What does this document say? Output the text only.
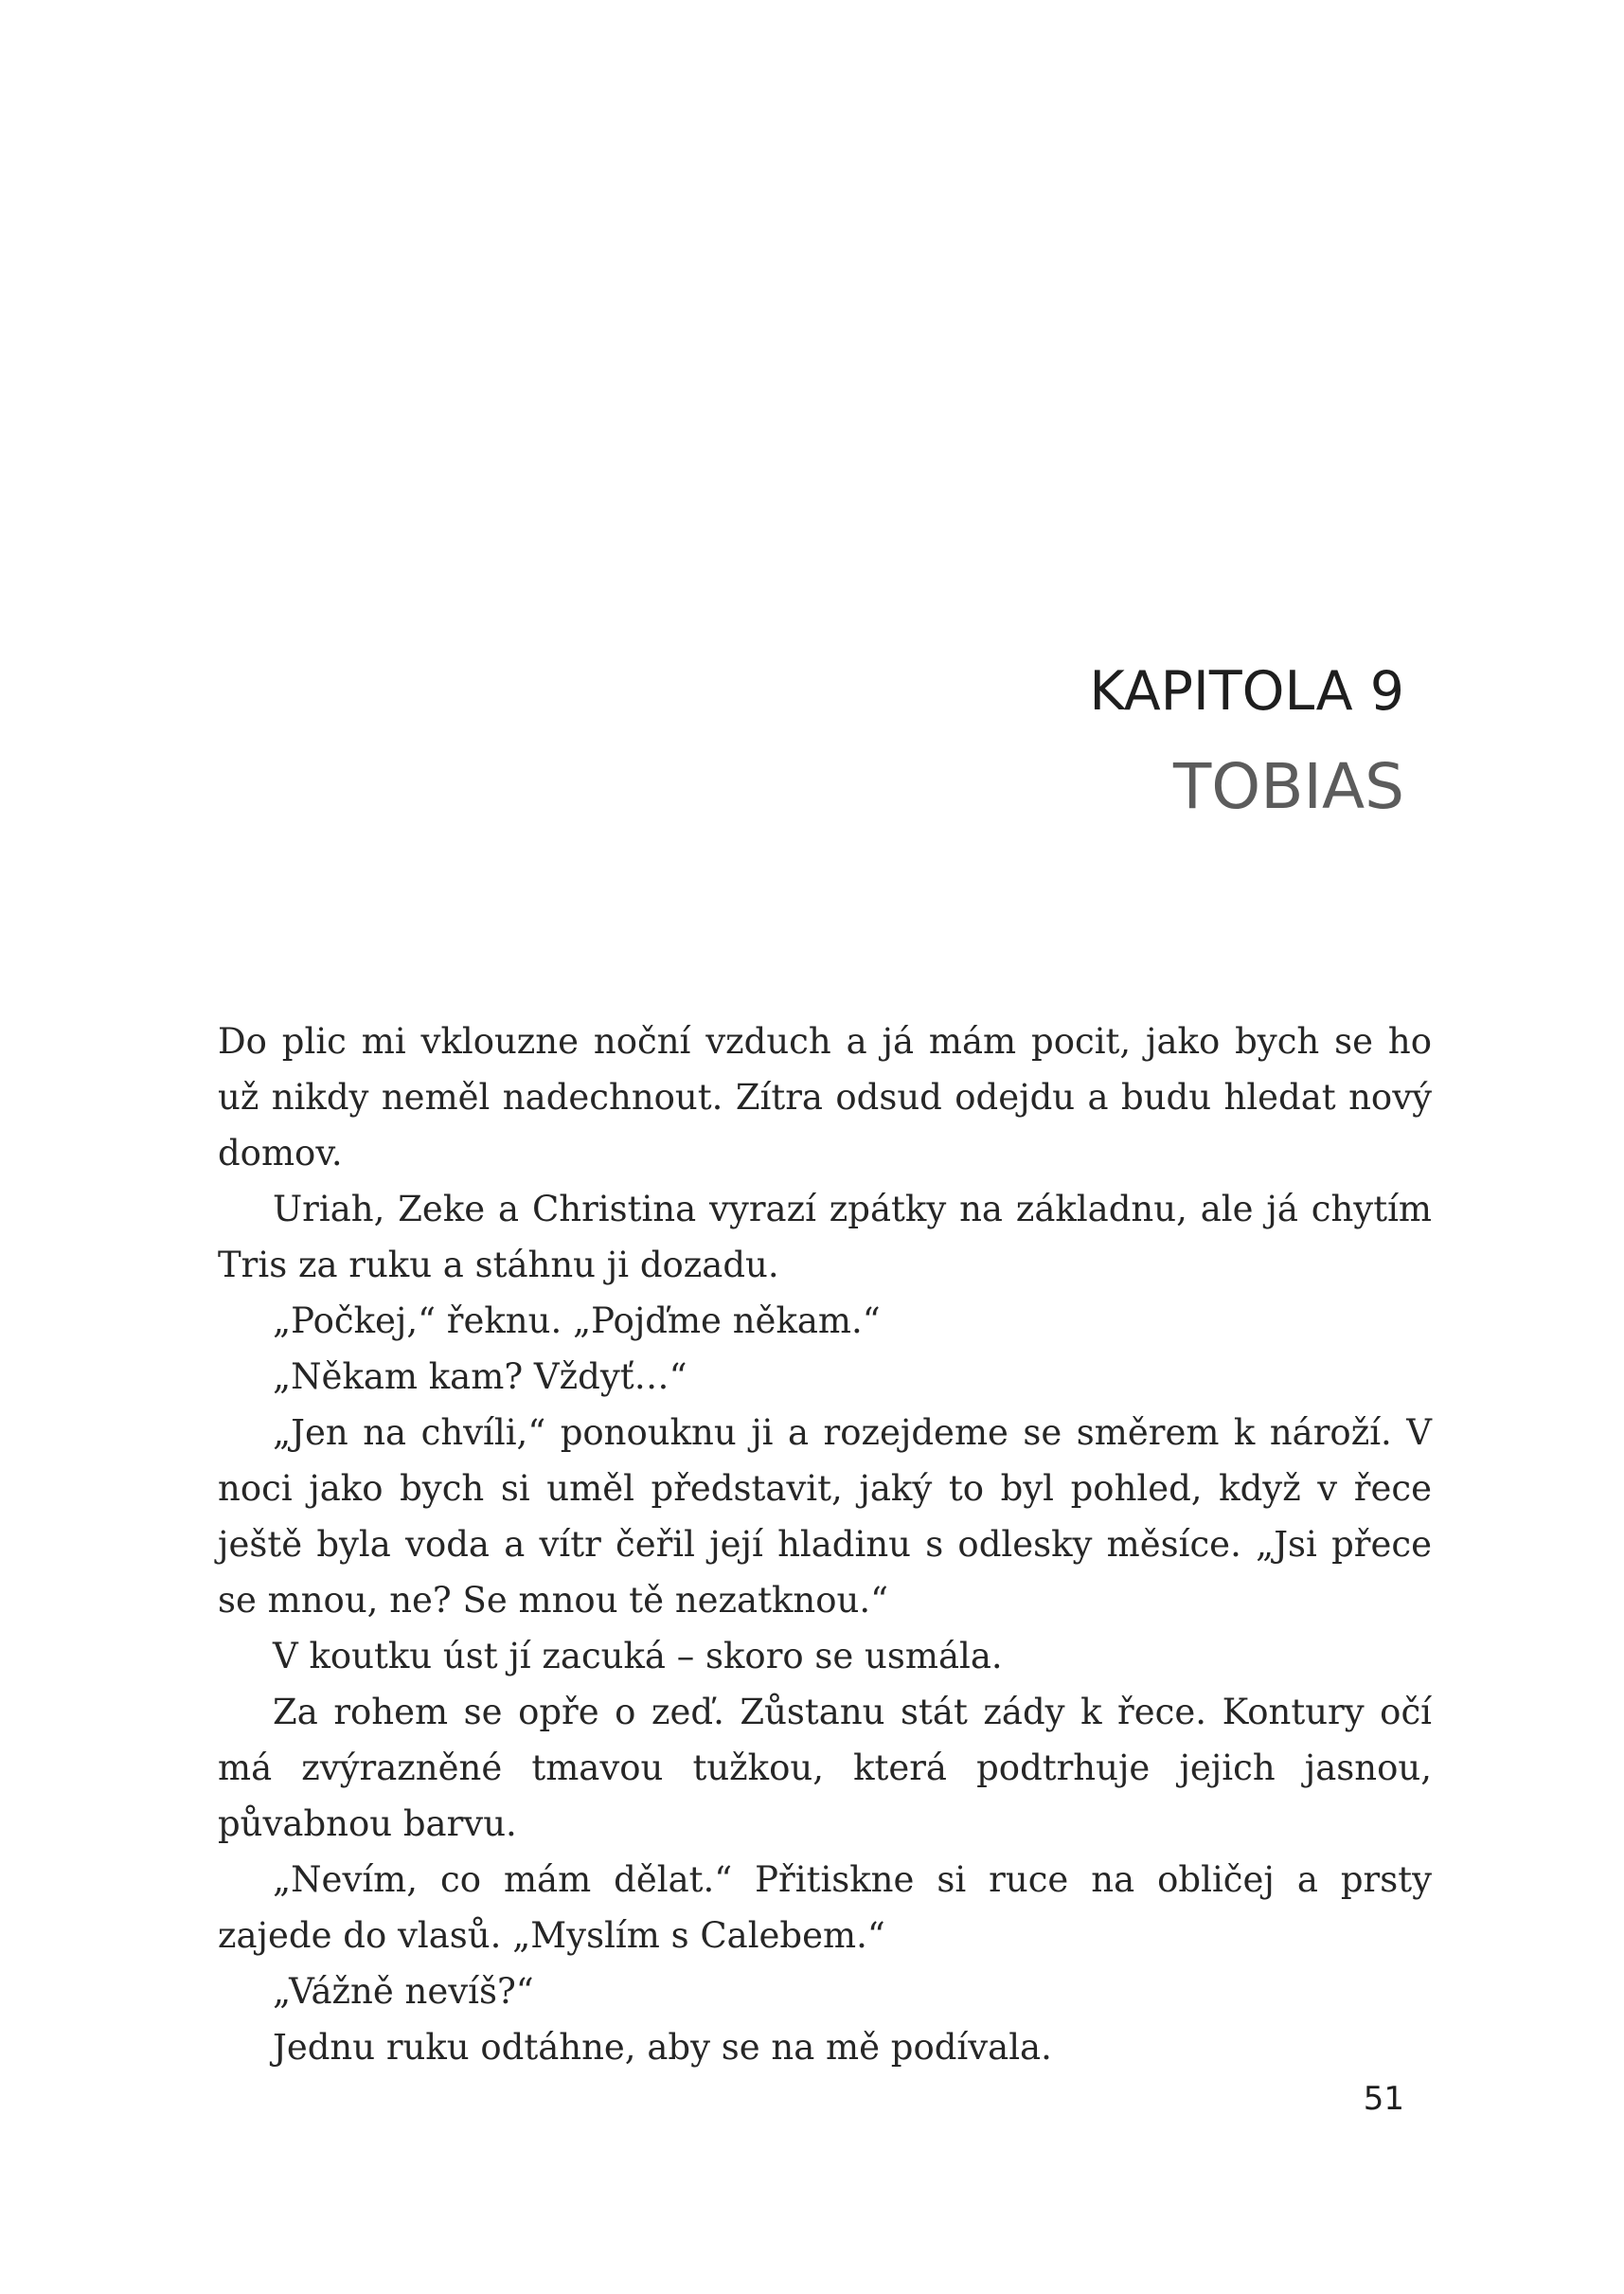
KAPITOLA 9
TOBIAS

Do plic mi vklouzne noční vzduch a já mám pocit, jako bych se ho už nikdy neměl nadechnout. Zítra odsud odejdu a budu hledat nový domov.

Uriah, Zeke a Christina vyrazí zpátky na základnu, ale já chytím Tris za ruku a stáhnu ji dozadu.

„Počkej,“ řeknu. „Pojďme někam.“

„Někam kam? Vždyť…“

„Jen na chvíli,“ ponouknu ji a rozejdeme se směrem k nároží. V noci jako bych si uměl představit, jaký to byl pohled, když v řece ještě byla voda a vítr čeřil její hladinu s odlesky měsíce. „Jsi přece se mnou, ne? Se mnou tě nezatknou.“

V koutku úst jí zacuká – skoro se usmála.

Za rohem se opře o zeď. Zůstanu stát zády k řece. Kontury očí má zvýrazněné tmavou tužkou, která podtrhuje jejich jasnou, půvabnou barvu.

„Nevím, co mám dělat.“ Přitiskne si ruce na obličej a prsty zajede do vlasů. „Myslím s Calebem.“

„Vážně nevíš?“

Jednu ruku odtáhne, aby se na mě podívala.

51
